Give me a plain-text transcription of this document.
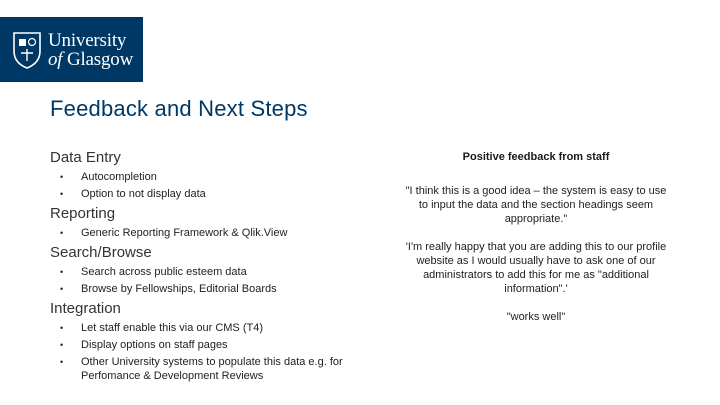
University
of Glasgow
Feedback and Next Steps

Data Entry

• Autocompletion
• Option to not display data

Reporting

• Generic Reporting Framework & Qlik.View

Search/Browse

• Search across public esteem data
• Browse by Fellowships, Editorial Boards

Integration

• Let staff enable this via our CMS (T4)
• Display options on staff pages
• Other University systems to populate this data e.g. for Perfomance & Development Reviews

Positive feedback from staff

"I think this is a good idea – the system is easy to use to input the data and the section headings seem appropriate."

'I'm really happy that you are adding this to our profile website as I would usually have to ask one of our administrators to add this for me as "additional information".'

"works well"
